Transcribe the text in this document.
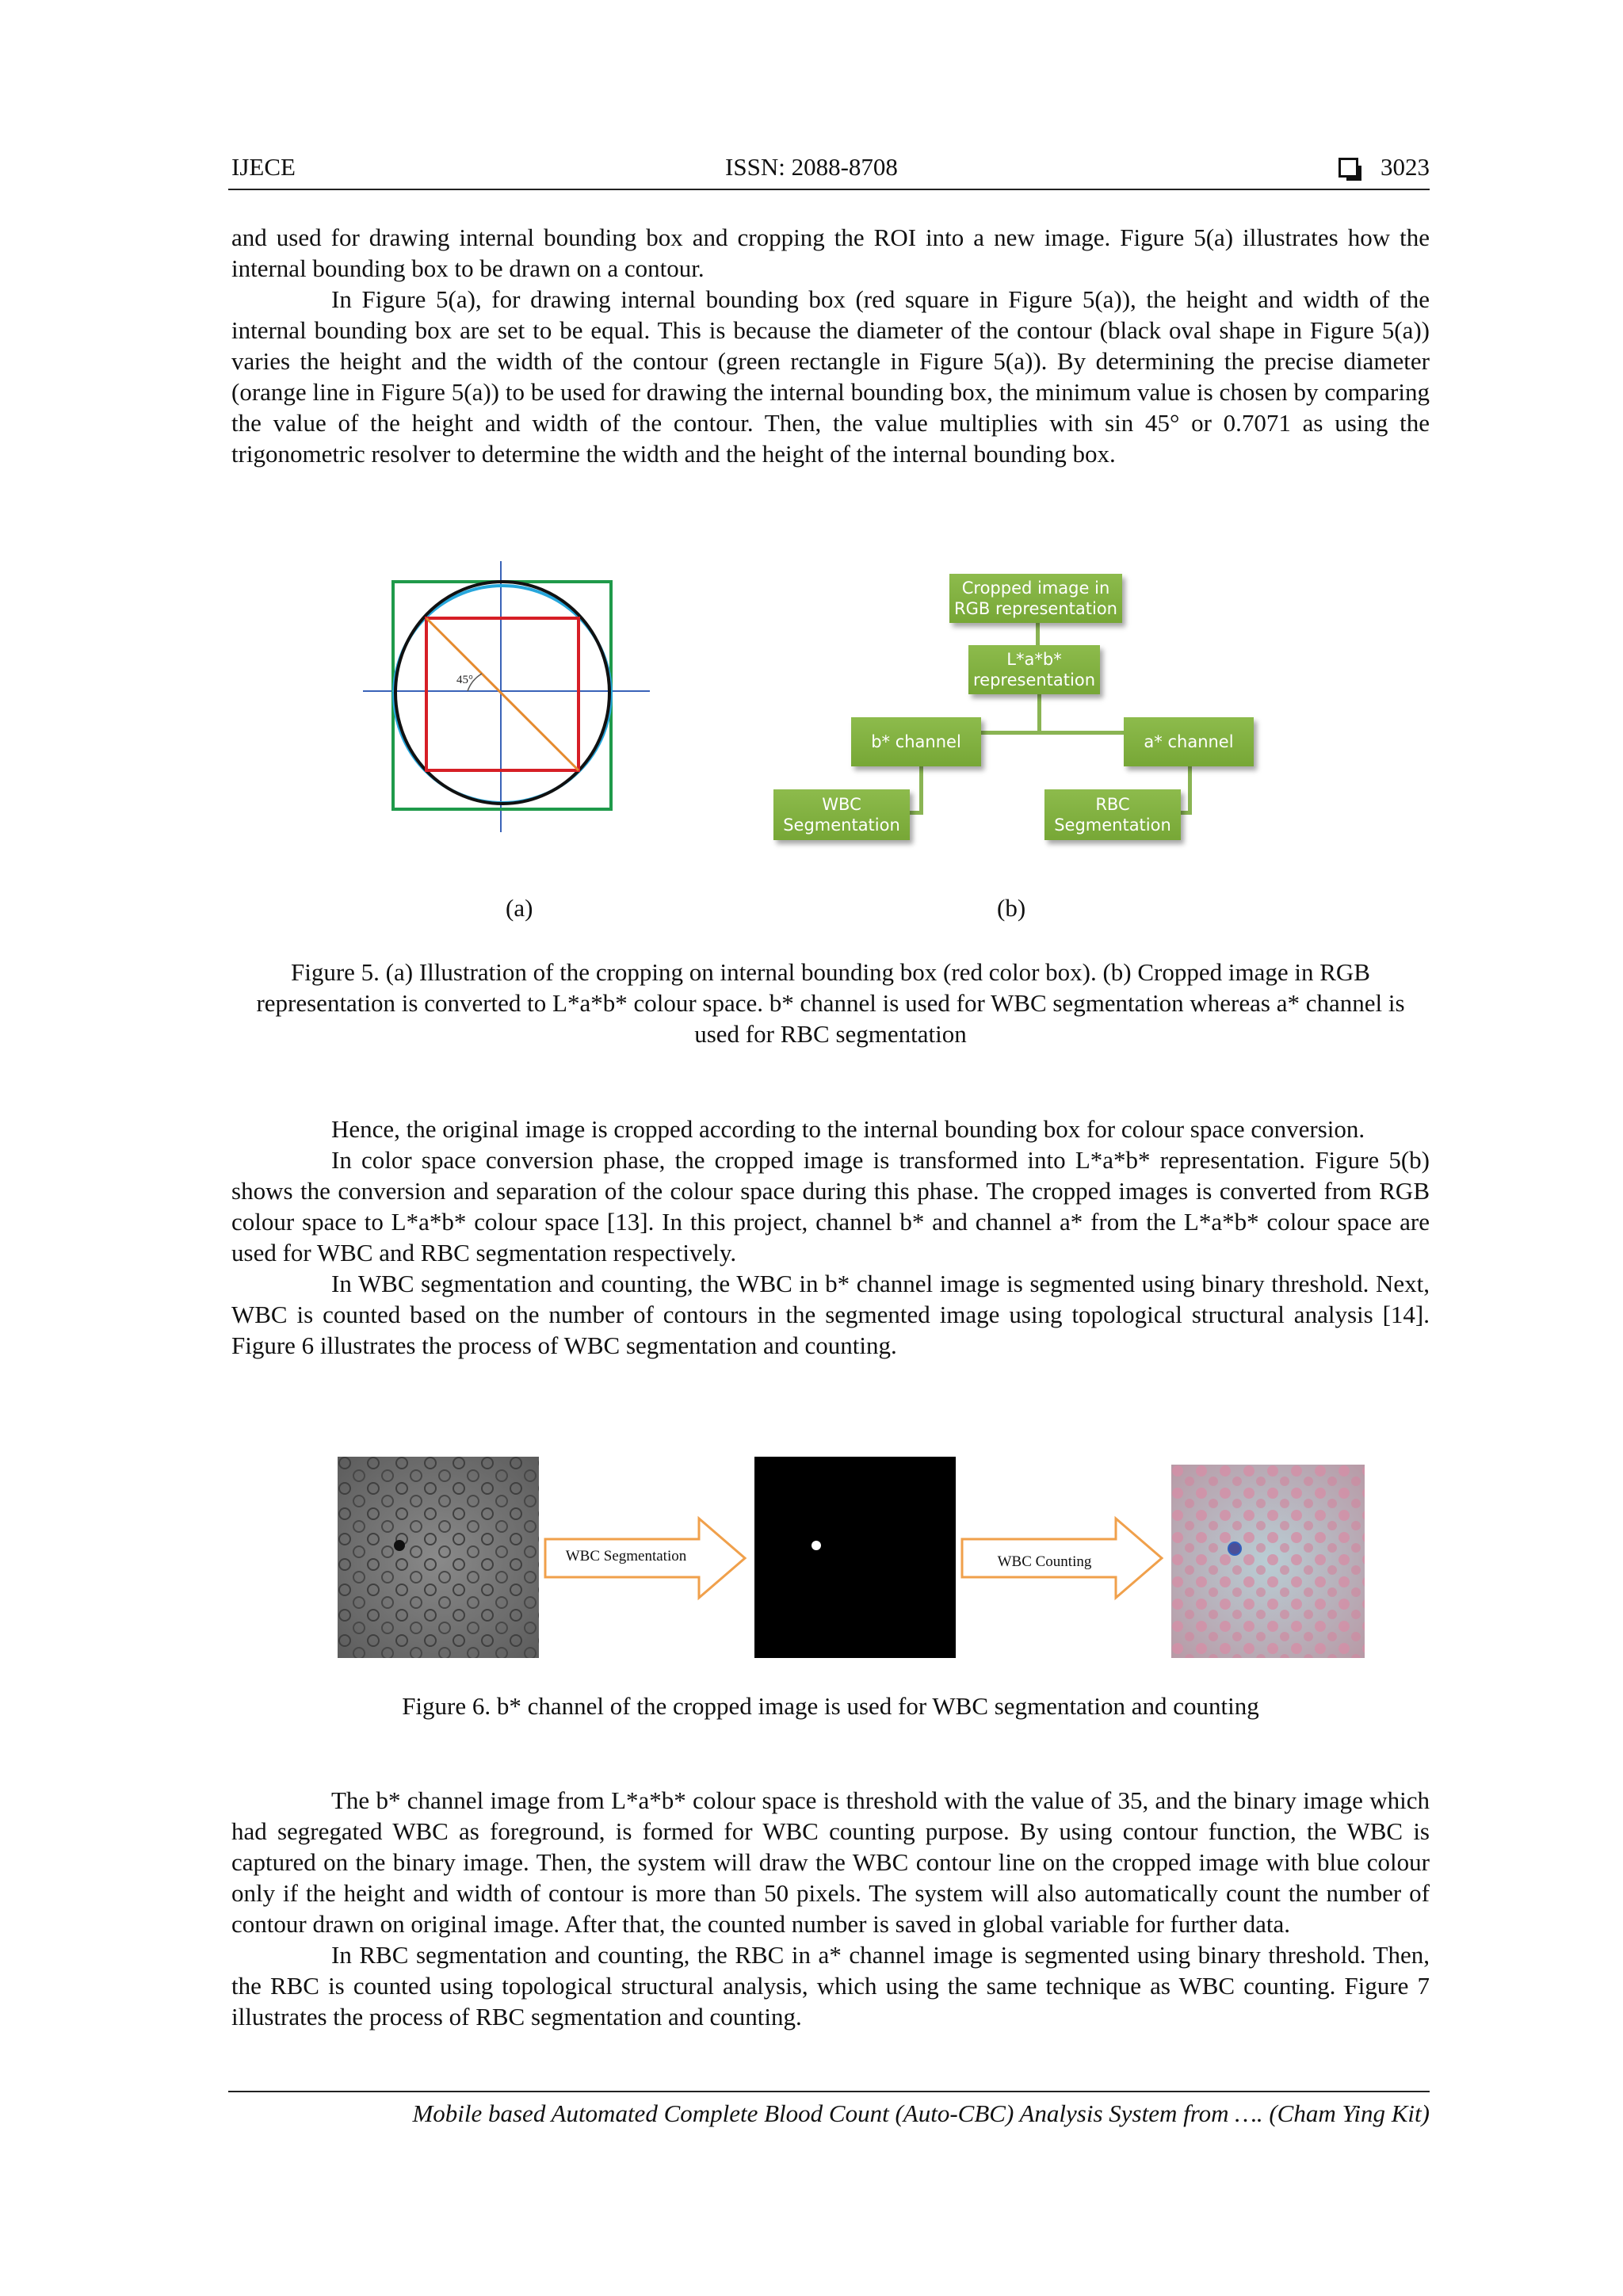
IJECE	ISSN: 2088-8708	3023

and used for drawing internal bounding box and cropping the ROI into a new image. Figure 5(a) illustrates how the internal bounding box to be drawn on a contour.

In Figure 5(a), for drawing internal bounding box (red square in Figure 5(a)), the height and width of the internal bounding box are set to be equal. This is because the diameter of the contour (black oval shape in Figure 5(a)) varies the height and the width of the contour (green rectangle in Figure 5(a)). By determining the precise diameter (orange line in Figure 5(a)) to be used for drawing the internal bounding box, the minimum value is chosen by comparing the value of the height and width of the contour. Then, the value multiplies with sin 45° or 0.7071 as using the trigonometric resolver to determine the width and the height of the internal bounding box.

45°
Cropped image in RGB representation
L*a*b* representation
b* channel	a* channel
WBC Segmentation
RBC Segmentation
(a)	(b)
Figure 5. (a) Illustration of the cropping on internal bounding box (red color box). (b) Cropped image in RGB representation is converted to L*a*b* colour space. b* channel is used for WBC segmentation whereas a* channel is used for RBC segmentation

Hence, the original image is cropped according to the internal bounding box for colour space conversion.

In color space conversion phase, the cropped image is transformed into L*a*b* representation. Figure 5(b) shows the conversion and separation of the colour space during this phase. The cropped images is converted from RGB colour space to L*a*b* colour space [13]. In this project, channel b* and channel a* from the L*a*b* colour space are used for WBC and RBC segmentation respectively.

In WBC segmentation and counting, the WBC in b* channel image is segmented using binary threshold. Next, WBC is counted based on the number of contours in the segmented image using topological structural analysis [14]. Figure 6 illustrates the process of WBC segmentation and counting.

WBC Segmentation	WBC Counting
Figure 6. b* channel of the cropped image is used for WBC segmentation and counting

The b* channel image from L*a*b* colour space is threshold with the value of 35, and the binary image which had segregated WBC as foreground, is formed for WBC counting purpose. By using contour function, the WBC is captured on the binary image. Then, the system will draw the WBC contour line on the cropped image with blue colour only if the height and width of contour is more than 50 pixels. The system will also automatically count the number of contour drawn on original image. After that, the counted number is saved in global variable for further data.

In RBC segmentation and counting, the RBC in a* channel image is segmented using binary threshold. Then, the RBC is counted using topological structural analysis, which using the same technique as WBC counting. Figure 7 illustrates the process of RBC segmentation and counting.

Mobile based Automated Complete Blood Count (Auto-CBC) Analysis System from …. (Cham Ying Kit)
